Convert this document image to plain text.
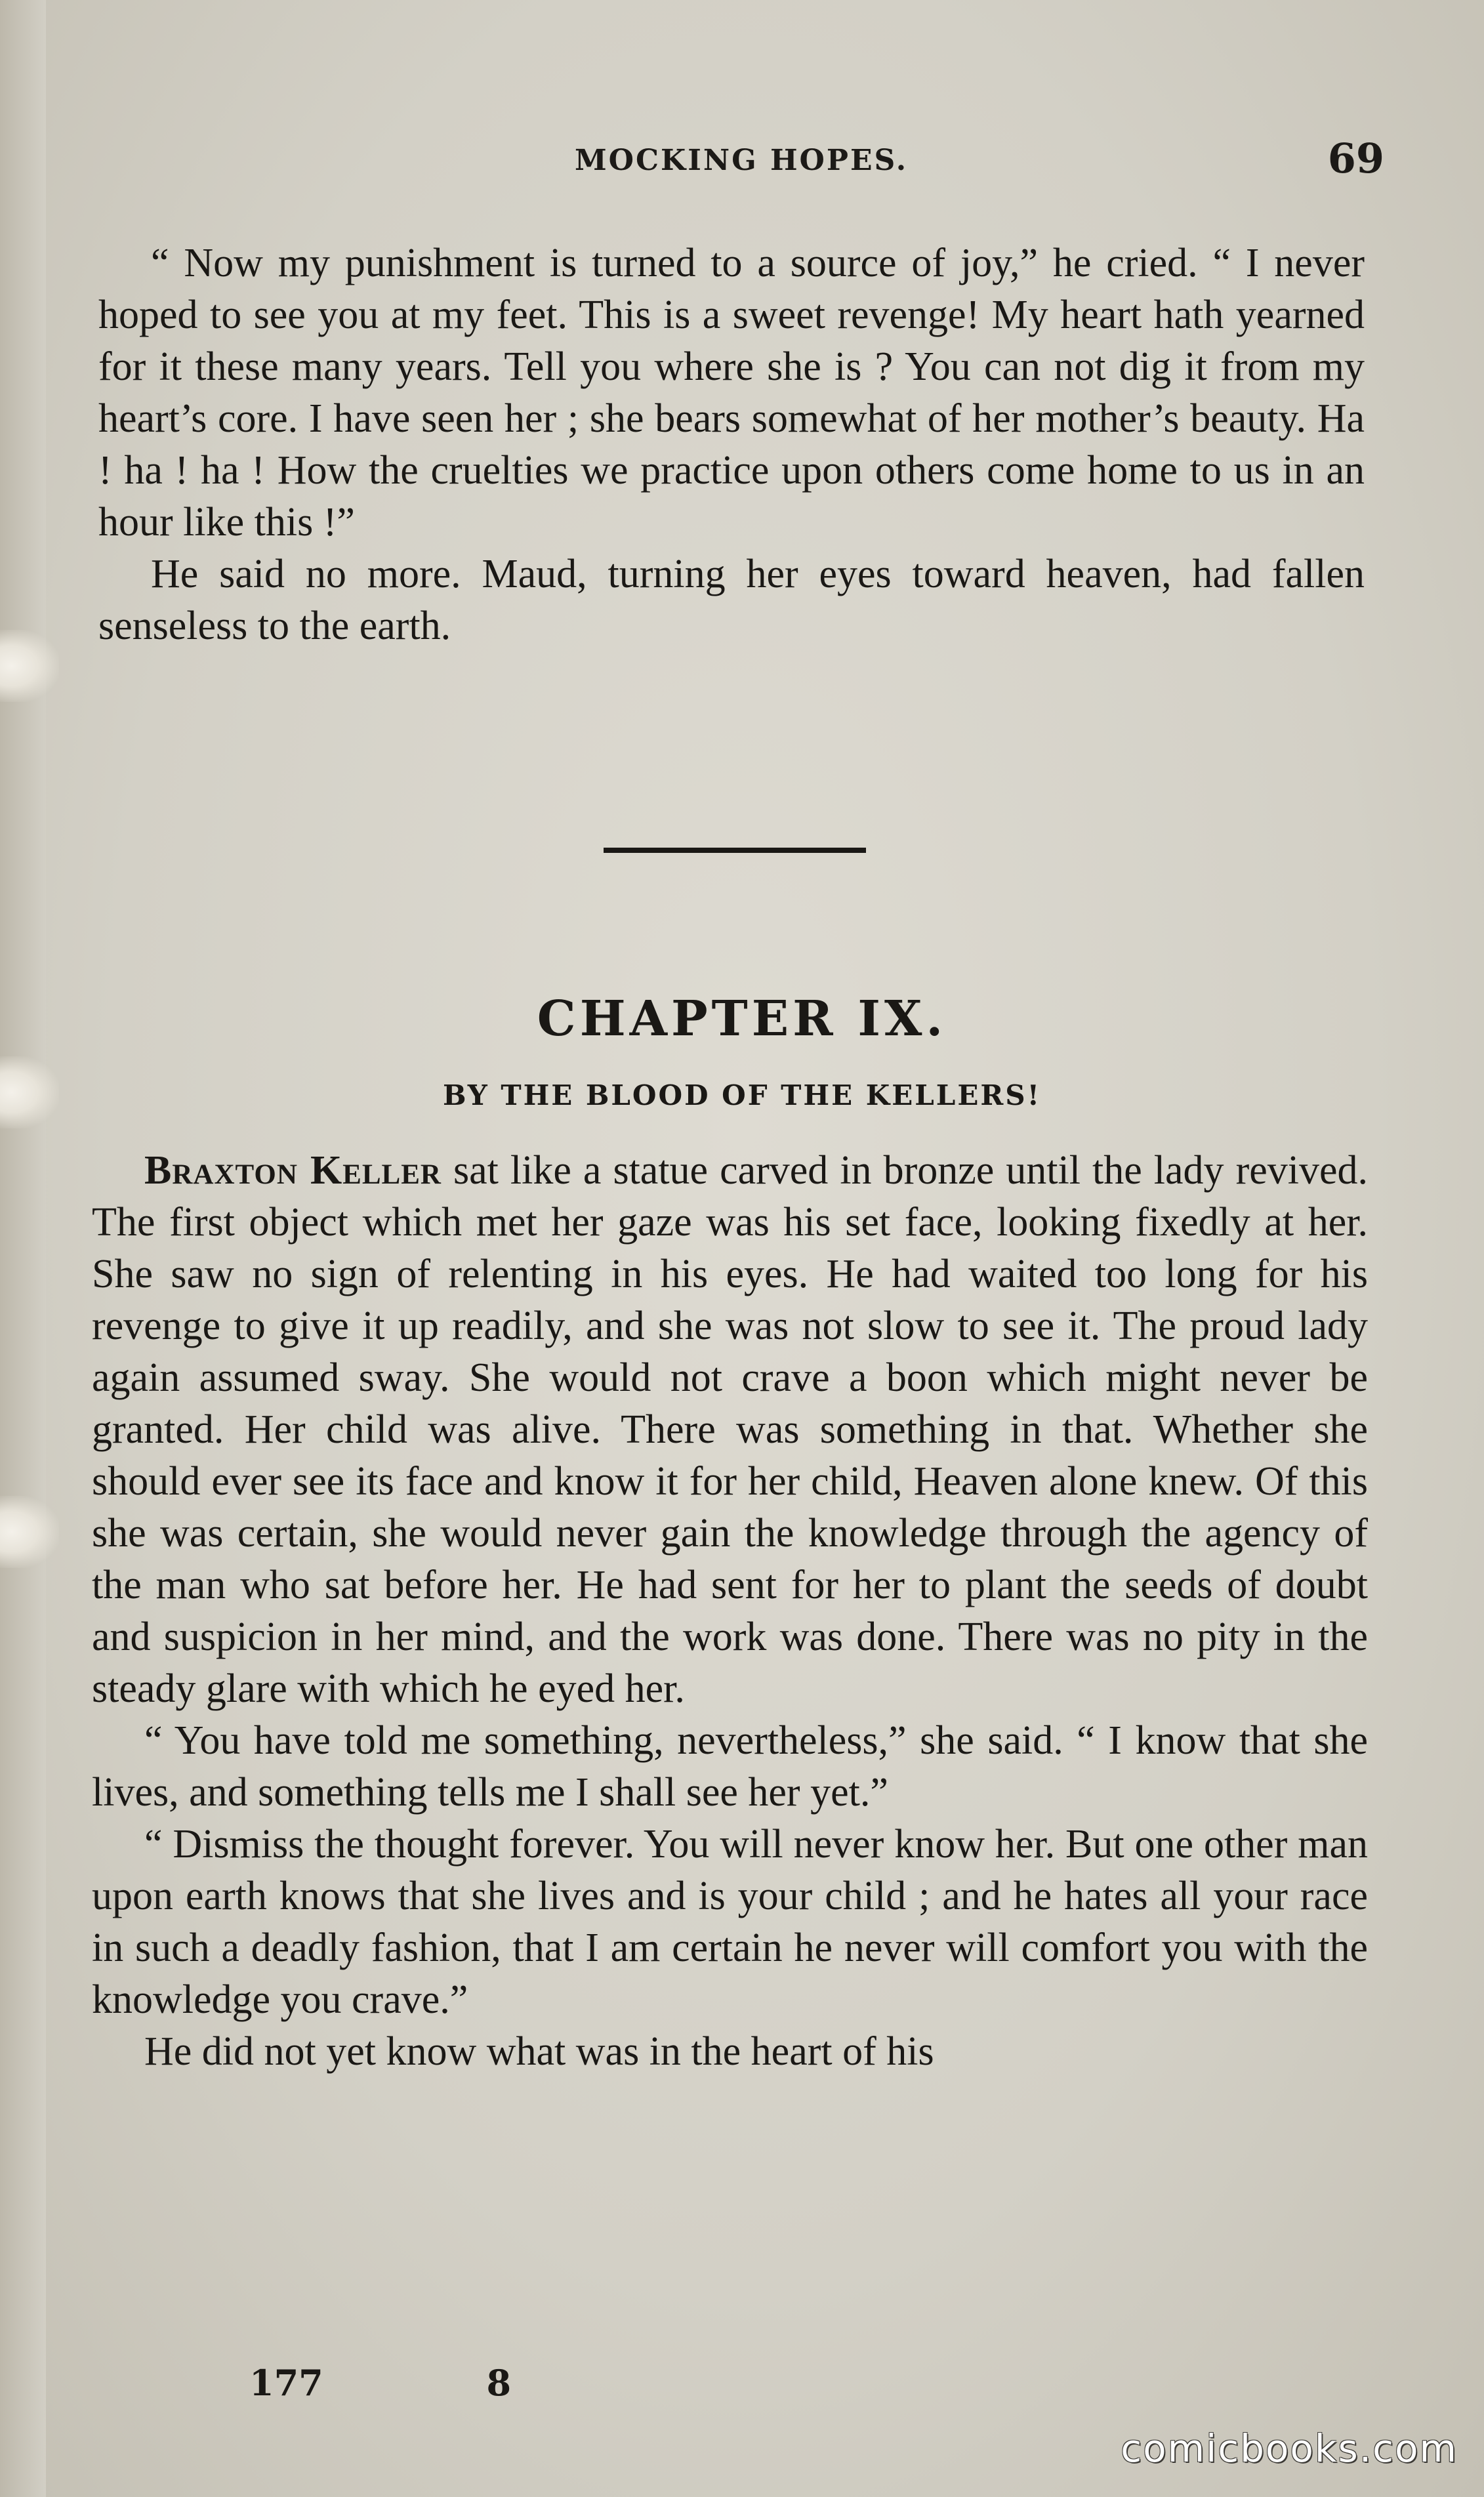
MOCKING HOPES.	69

“ Now my punishment is turned to a source of joy,” he cried. “ I never hoped to see you at my feet. This is a sweet revenge! My heart hath yearned for it these many years. Tell you where she is ? You can not dig it from my heart’s core. I have seen her ; she bears somewhat of her mother’s beauty. Ha ! ha ! ha ! How the cruelties we practice upon others come home to us in an hour like this !”

He said no more. Maud, turning her eyes toward heaven, had fallen senseless to the earth.

CHAPTER IX.
BY THE BLOOD OF THE KELLERS!

Braxton Keller sat like a statue carved in bronze until the lady revived. The first object which met her gaze was his set face, looking fixedly at her. She saw no sign of relenting in his eyes. He had waited too long for his revenge to give it up readily, and she was not slow to see it. The proud lady again assumed sway. She would not crave a boon which might never be granted. Her child was alive. There was something in that. Whether she should ever see its face and know it for her child, Heaven alone knew. Of this she was certain, she would never gain the knowledge through the agency of the man who sat before her. He had sent for her to plant the seeds of doubt and suspicion in her mind, and the work was done. There was no pity in the steady glare with which he eyed her.

“ You have told me something, nevertheless,” she said. “ I know that she lives, and something tells me I shall see her yet.”

“ Dismiss the thought forever. You will never know her. But one other man upon earth knows that she lives and is your child ; and he hates all your race in such a deadly fashion, that I am certain he never will comfort you with the knowledge you crave.”

He did not yet know what was in the heart of his

177	8
comicbooks.com
